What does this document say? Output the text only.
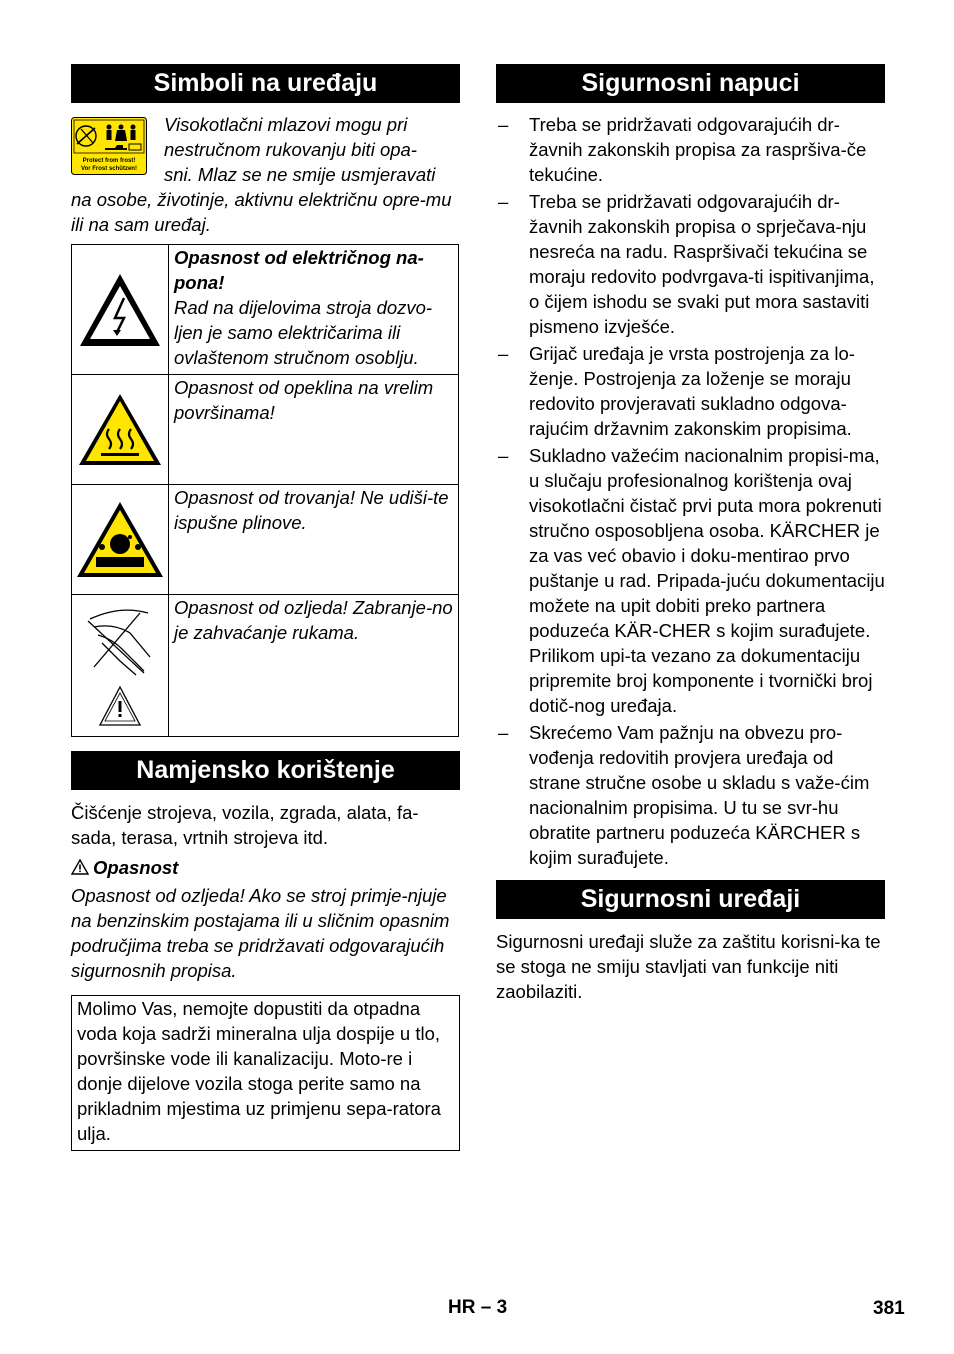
Simboli na uređaju
Protect from frost!
Vor Frost schützen!
Visokotlačni mlazovi mogu pri
nestručnom rukovanju biti opa-
sni. Mlaz se ne smije usmjeravati
na osobe, životinje, aktivnu električnu opre-mu ili na sam uređaj.

Opasnost od električnog na-pona!
Rad na dijelovima stroja dozvo-ljen je samo električarima ili ovlaštenom stručnom osoblju.

Opasnost od opeklina na vrelim površinama!

Opasnost od trovanja! Ne udiši-te ispušne plinove.

Opasnost od ozljeda! Zabranje-no je zahvaćanje rukama.
Namjensko korištenje
Čišćenje strojeva, vozila, zgrada, alata, fa-sada, terasa, vrtnih strojeva itd.
Opasnost
Opasnost od ozljeda! Ako se stroj primje-njuje na benzinskim postajama ili u sličnim opasnim područjima treba se pridržavati odgovarajućih sigurnosnih propisa.
Molimo Vas, nemojte dopustiti da otpadna voda koja sadrži mineralna ulja dospije u tlo, površinske vode ili kanalizaciju. Moto-re i donje dijelove vozila stoga perite samo na prikladnim mjestima uz primjenu sepa-ratora ulja.
Sigurnosni napuci
– Treba se pridržavati odgovarajućih dr-žavnih zakonskih propisa za raspršiva-če tekućine.
– Treba se pridržavati odgovarajućih dr-žavnih zakonskih propisa o sprječava-nju nesreća na radu. Raspršivači tekućina se moraju redovito podvrgava-ti ispitivanjima, o čijem ishodu se svaki put mora sastaviti pismeno izvješće.
– Grijač uređaja je vrsta postrojenja za lo-ženje. Postrojenja za loženje se moraju redovito provjeravati sukladno odgova-rajućim državnim zakonskim propisima.
– Sukladno važećim nacionalnim propisi-ma, u slučaju profesionalnog korištenja ovaj visokotlačni čistač prvi puta mora pokrenuti stručno osposobljena osoba. KÄRCHER je za vas već obavio i doku-mentirao prvo puštanje u rad. Pripada-juću dokumentaciju možete na upit dobiti preko partnera poduzeća KÄR-CHER s kojim surađujete. Prilikom upi-ta vezano za dokumentaciju pripremite broj komponente i tvornički broj dotič-nog uređaja.
– Skrećemo Vam pažnju na obvezu pro-vođenja redovitih provjera uređaja od strane stručne osobe u skladu s važe-ćim nacionalnim propisima. U tu se svr-hu obratite partneru poduzeća KÄRCHER s kojim surađujete.
Sigurnosni uređaji
Sigurnosni uređaji služe za zaštitu korisni-ka te se stoga ne smiju stavljati van funkcije niti zaobilaziti.
HR – 3	381
